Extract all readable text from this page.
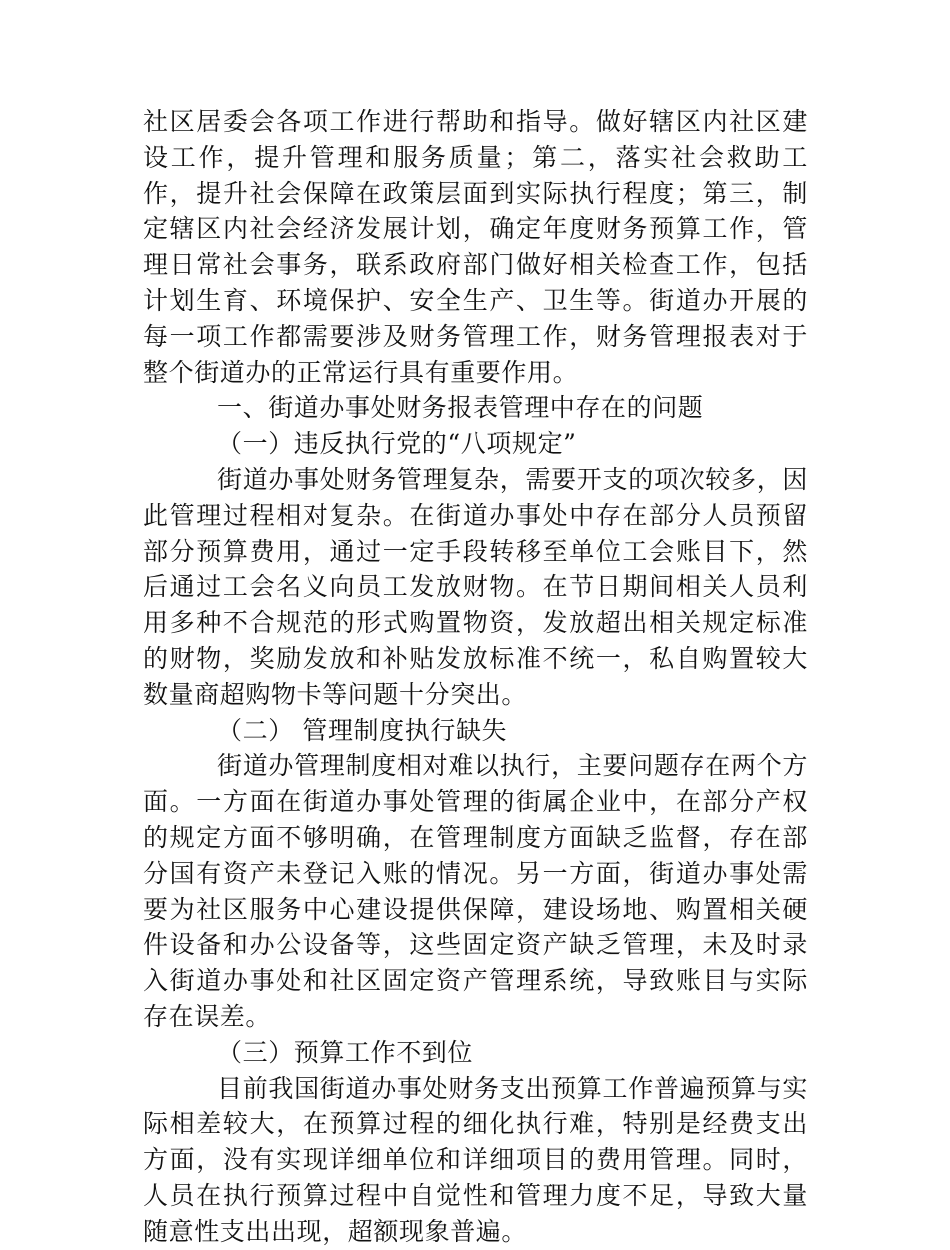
社区居委会各项工作进行帮助和指导。做好辖区内社区建设工作，提升管理和服务质量；第二，落实社会救助工作，提升社会保障在政策层面到实际执行程度；第三，制定辖区内社会经济发展计划，确定年度财务预算工作，管理日常社会事务，联系政府部门做好相关检查工作，包括计划生育、环境保护、安全生产、卫生等。街道办开展的每一项工作都需要涉及财务管理工作，财务管理报表对于整个街道办的正常运行具有重要作用。

一、街道办事处财务报表管理中存在的问题

（一）违反执行党的“八项规定”

街道办事处财务管理复杂，需要开支的项次较多，因此管理过程相对复杂。在街道办事处中存在部分人员预留部分预算费用，通过一定手段转移至单位工会账目下，然后通过工会名义向员工发放财物。在节日期间相关人员利用多种不合规范的形式购置物资，发放超出相关规定标准的财物，奖励发放和补贴发放标准不统一，私自购置较大数量商超购物卡等问题十分突出。

（二） 管理制度执行缺失

街道办管理制度相对难以执行，主要问题存在两个方面。一方面在街道办事处管理的街属企业中，在部分产权的规定方面不够明确，在管理制度方面缺乏监督，存在部分国有资产未登记入账的情况。另一方面，街道办事处需要为社区服务中心建设提供保障，建设场地、购置相关硬件设备和办公设备等，这些固定资产缺乏管理，未及时录入街道办事处和社区固定资产管理系统，导致账目与实际存在误差。

（三）预算工作不到位

目前我国街道办事处财务支出预算工作普遍预算与实际相差较大，在预算过程的细化执行难，特别是经费支出方面，没有实现详细单位和详细项目的费用管理。同时，人员在执行预算过程中自觉性和管理力度不足，导致大量随意性支出出现，超额现象普遍。
